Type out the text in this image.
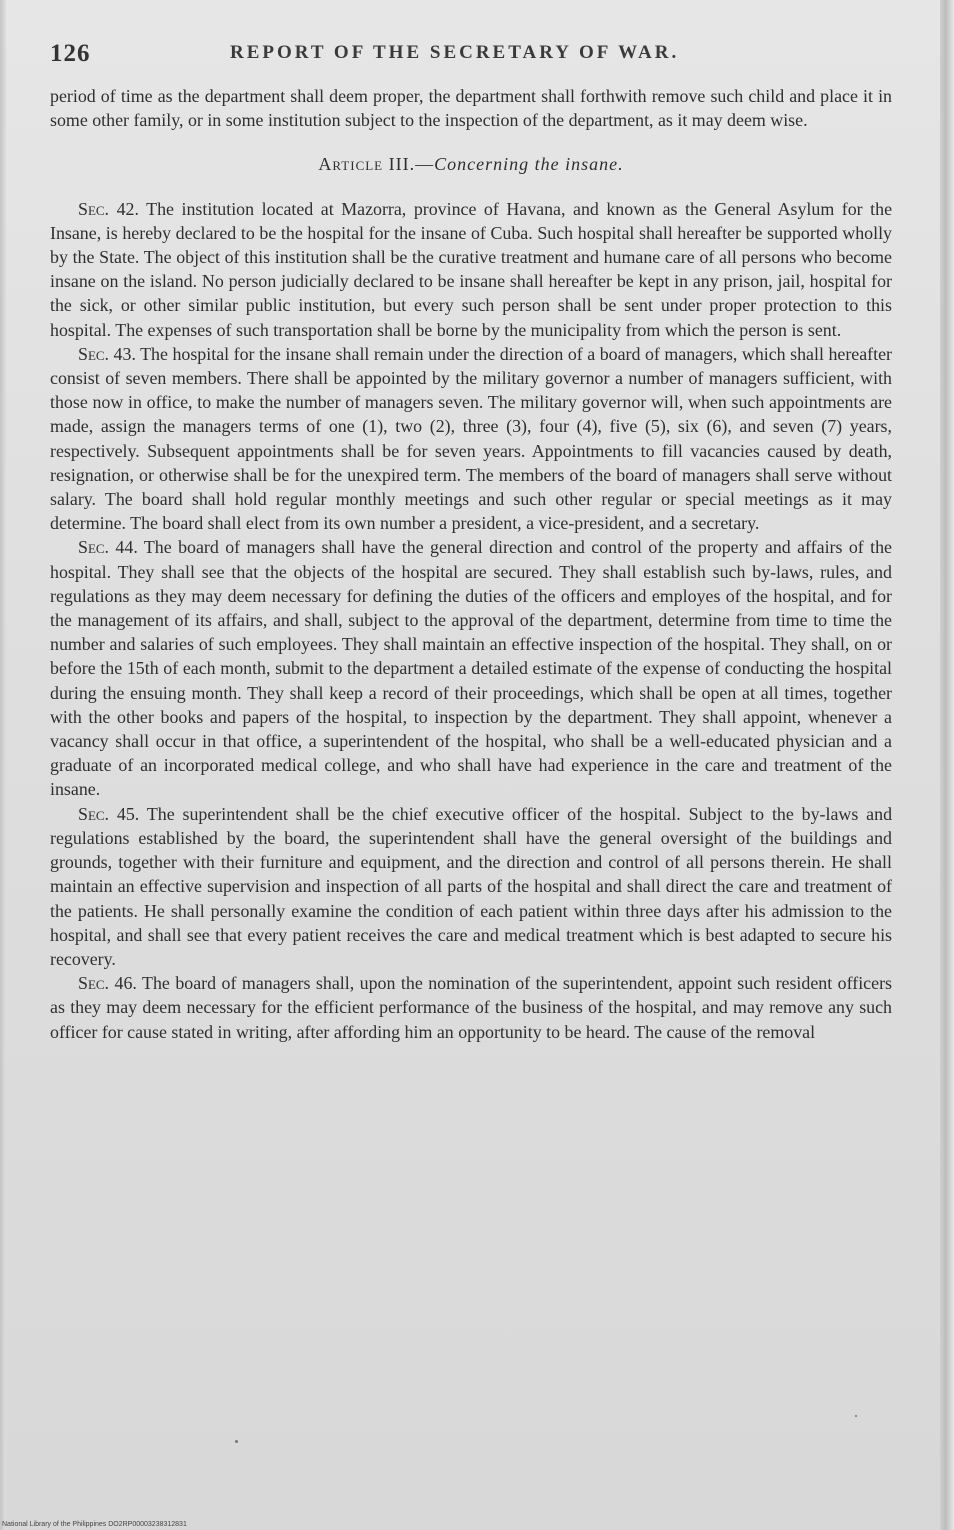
126	REPORT OF THE SECRETARY OF WAR.

period of time as the department shall deem proper, the department shall forthwith remove such child and place it in some other family, or in some institution subject to the inspection of the department, as it may deem wise.

Article III.—Concerning the insane.

Sec. 42. The institution located at Mazorra, province of Havana, and known as the General Asylum for the Insane, is hereby declared to be the hospital for the insane of Cuba. Such hospital shall hereafter be supported wholly by the State. The object of this institution shall be the curative treatment and humane care of all persons who become insane on the island. No person judicially declared to be insane shall hereafter be kept in any prison, jail, hospital for the sick, or other similar public institution, but every such person shall be sent under proper protection to this hospital. The expenses of such transportation shall be borne by the municipality from which the person is sent.

Sec. 43. The hospital for the insane shall remain under the direction of a board of managers, which shall hereafter consist of seven members. There shall be appointed by the military governor a number of managers sufficient, with those now in office, to make the number of managers seven. The military governor will, when such appointments are made, assign the managers terms of one (1), two (2), three (3), four (4), five (5), six (6), and seven (7) years, respectively. Subsequent appointments shall be for seven years. Appointments to fill vacancies caused by death, resignation, or otherwise shall be for the unexpired term. The members of the board of managers shall serve without salary. The board shall hold regular monthly meetings and such other regular or special meetings as it may determine. The board shall elect from its own number a president, a vice-president, and a secretary.

Sec. 44. The board of managers shall have the general direction and control of the property and affairs of the hospital. They shall see that the objects of the hospital are secured. They shall establish such by-laws, rules, and regulations as they may deem necessary for defining the duties of the officers and employes of the hospital, and for the management of its affairs, and shall, subject to the approval of the department, determine from time to time the number and salaries of such employees. They shall maintain an effective inspection of the hospital. They shall, on or before the 15th of each month, submit to the department a detailed estimate of the expense of conducting the hospital during the ensuing month. They shall keep a record of their proceedings, which shall be open at all times, together with the other books and papers of the hospital, to inspection by the department. They shall appoint, whenever a vacancy shall occur in that office, a superintendent of the hospital, who shall be a well-educated physician and a graduate of an incorporated medical college, and who shall have had experience in the care and treatment of the insane.

Sec. 45. The superintendent shall be the chief executive officer of the hospital. Subject to the by-laws and regulations established by the board, the superintendent shall have the general oversight of the buildings and grounds, together with their furniture and equipment, and the direction and control of all persons therein. He shall maintain an effective supervision and inspection of all parts of the hospital and shall direct the care and treatment of the patients. He shall personally examine the condition of each patient within three days after his admission to the hospital, and shall see that every patient receives the care and medical treatment which is best adapted to secure his recovery.

Sec. 46. The board of managers shall, upon the nomination of the superintendent, appoint such resident officers as they may deem necessary for the efficient performance of the business of the hospital, and may remove any such officer for cause stated in writing, after affording him an opportunity to be heard. The cause of the removal

National Library of the Philippines DO2RP00003238312831
